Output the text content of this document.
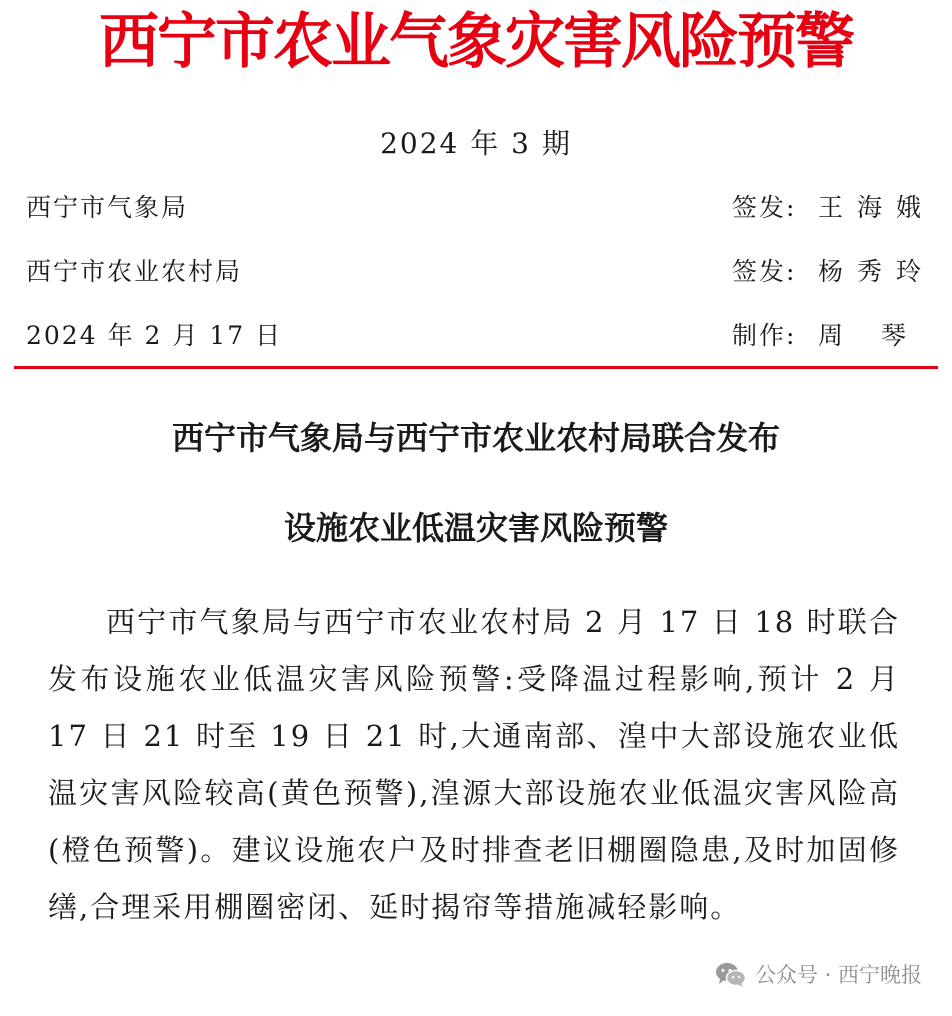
西宁市农业气象灾害风险预警
2024 年 3 期
西宁市气象局	签发: 王海娥
西宁市农业农村局	签发: 杨秀玲
2024 年 2 月 17 日	制作: 周琴
西宁市气象局与西宁市农业农村局联合发布
设施农业低温灾害风险预警

西宁市气象局与西宁市农业农村局 2 月 17 日 18 时联合发布设施农业低温灾害风险预警:受降温过程影响,预计 2 月 17 日 21 时至 19 日 21 时,大通南部、湟中大部设施农业低温灾害风险较高(黄色预警),湟源大部设施农业低温灾害风险高(橙色预警)。建议设施农户及时排查老旧棚圈隐患,及时加固修缮,合理采用棚圈密闭、延时揭帘等措施减轻影响。

公众号 · 西宁晚报
